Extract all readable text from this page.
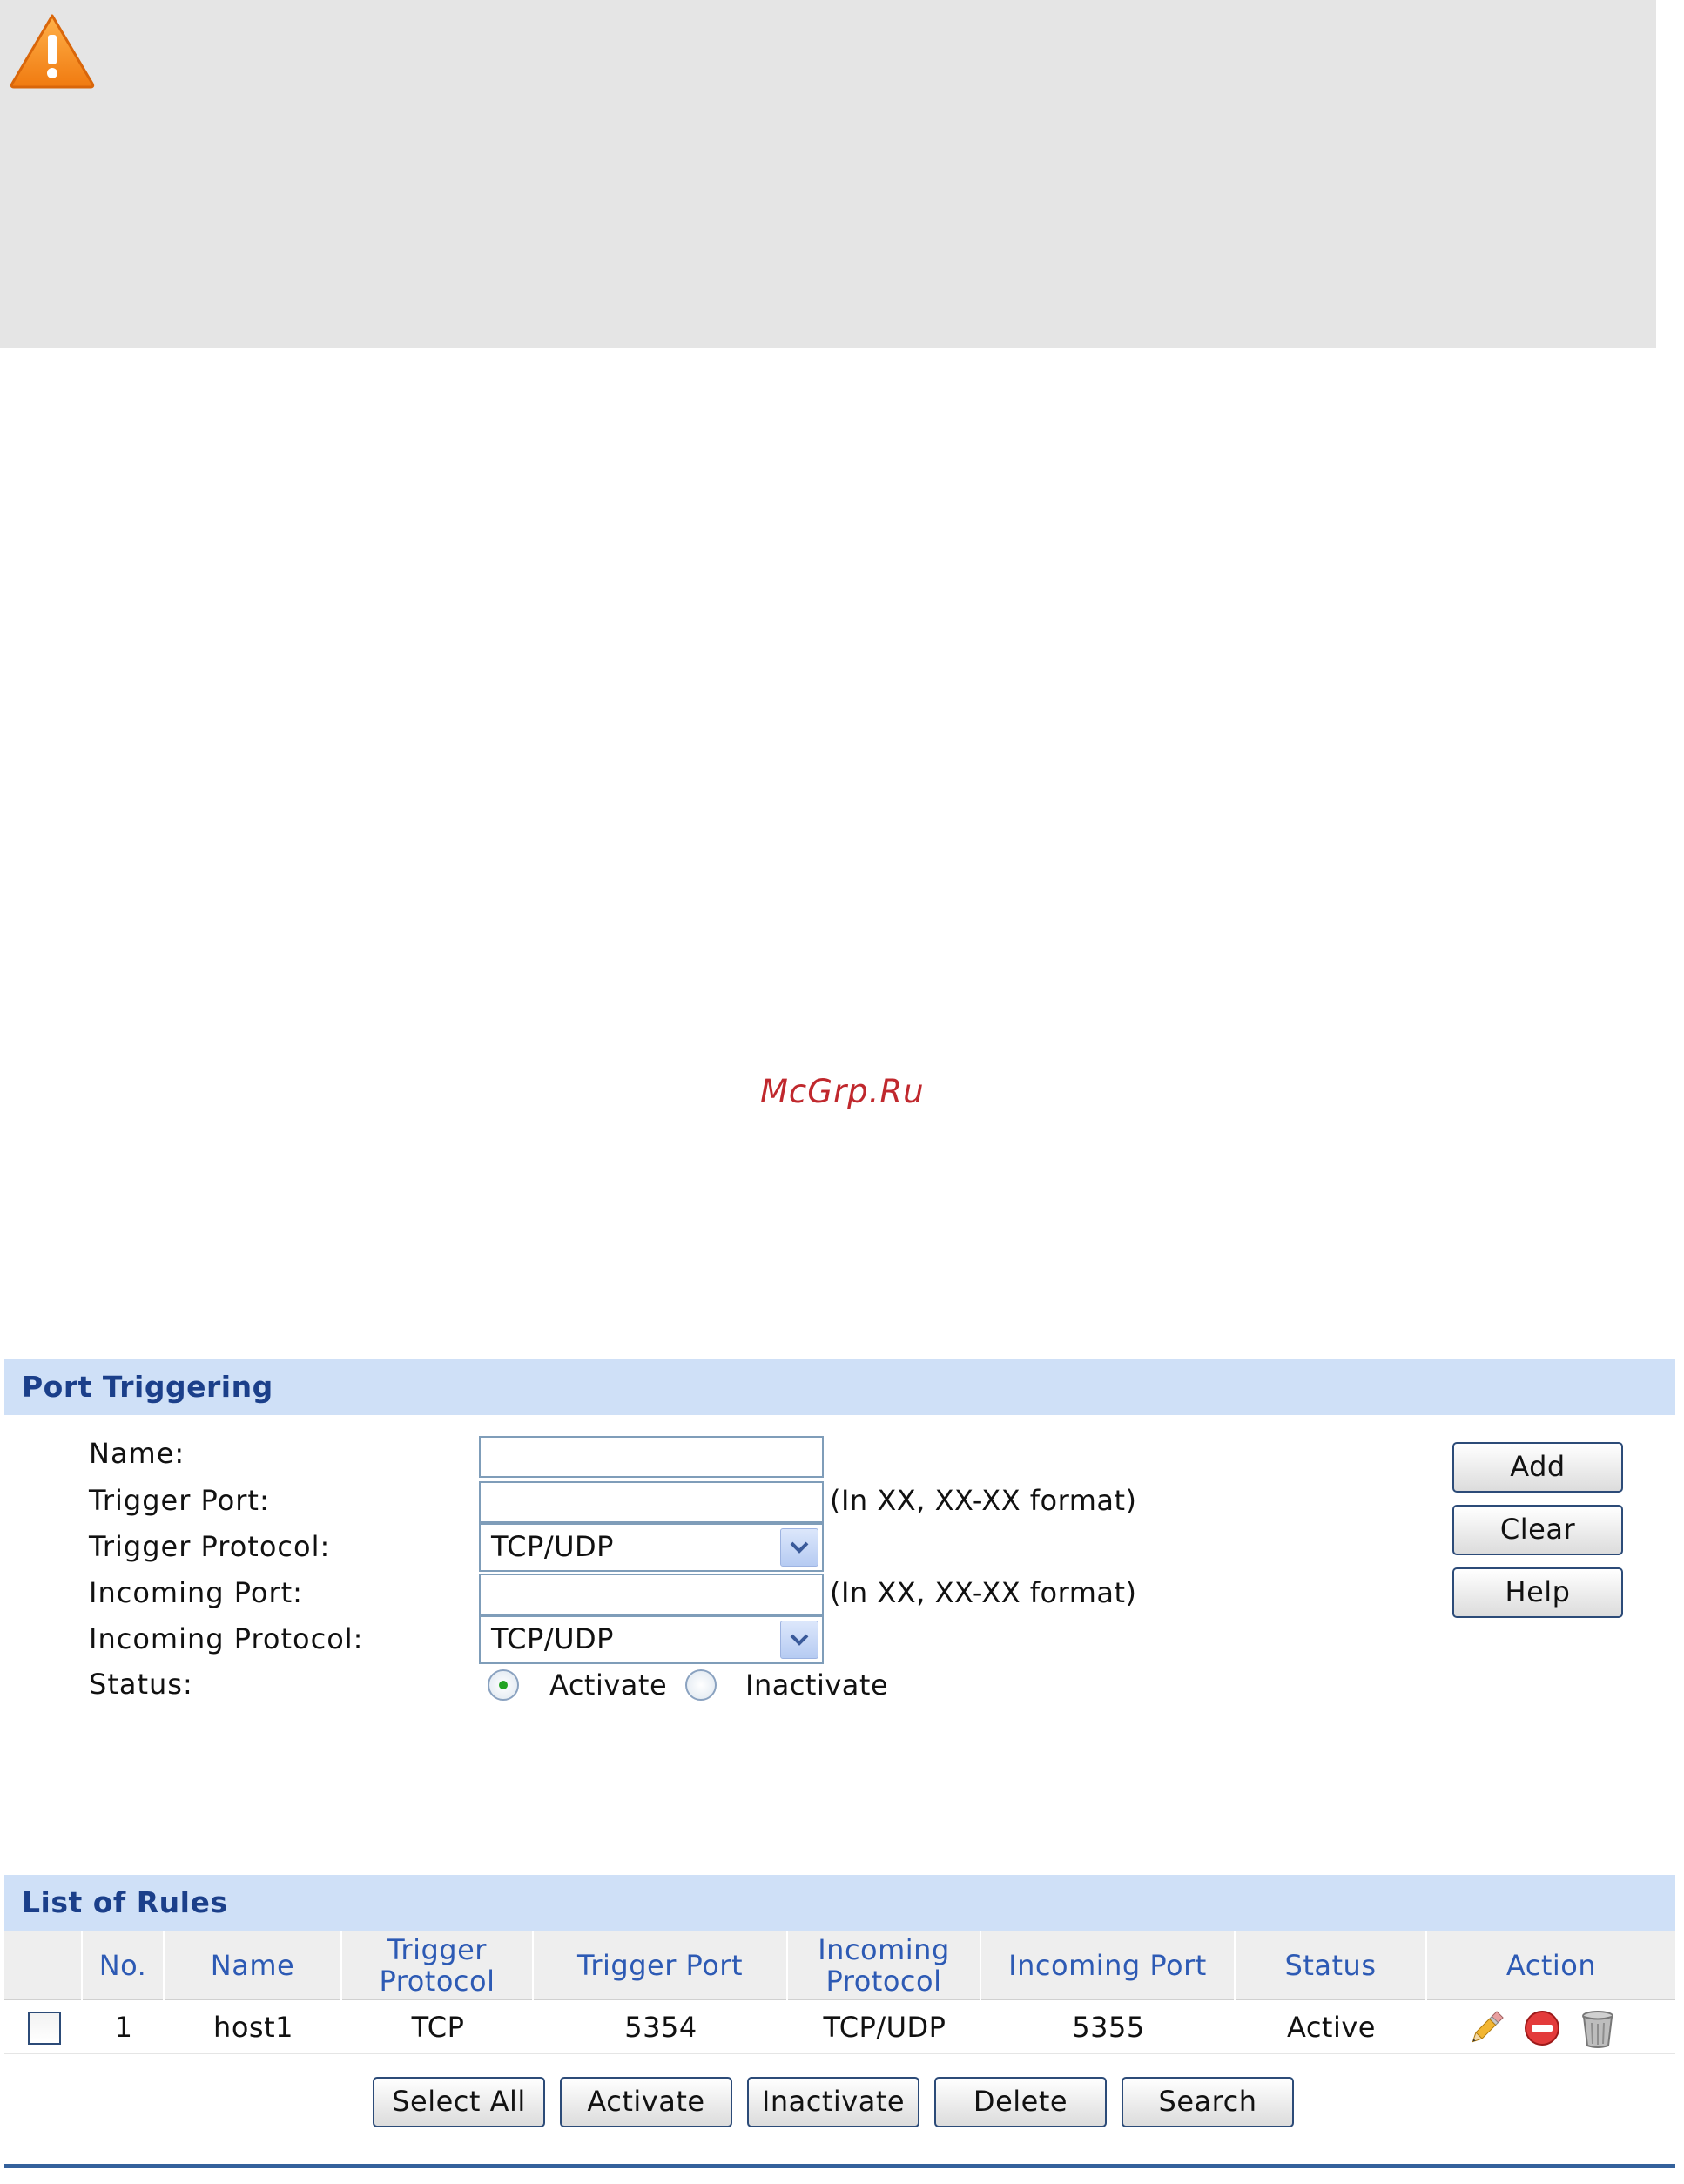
McGrp.Ru
Port Triggering
Name:
Trigger Port:	(In XX, XX-XX format)
Trigger Protocol:	TCP/UDP
Incoming Port:	(In XX, XX-XX format)
Incoming Protocol:	TCP/UDP
Status:	Activate	Inactivate
Add
Clear
Help
List of Rules
No.	Name	Trigger Protocol	Trigger Port	Incoming Protocol	Incoming Port	Status	Action
1	host1	TCP	5354	TCP/UDP	5355	Active
Select All	Activate	Inactivate	Delete	Search
